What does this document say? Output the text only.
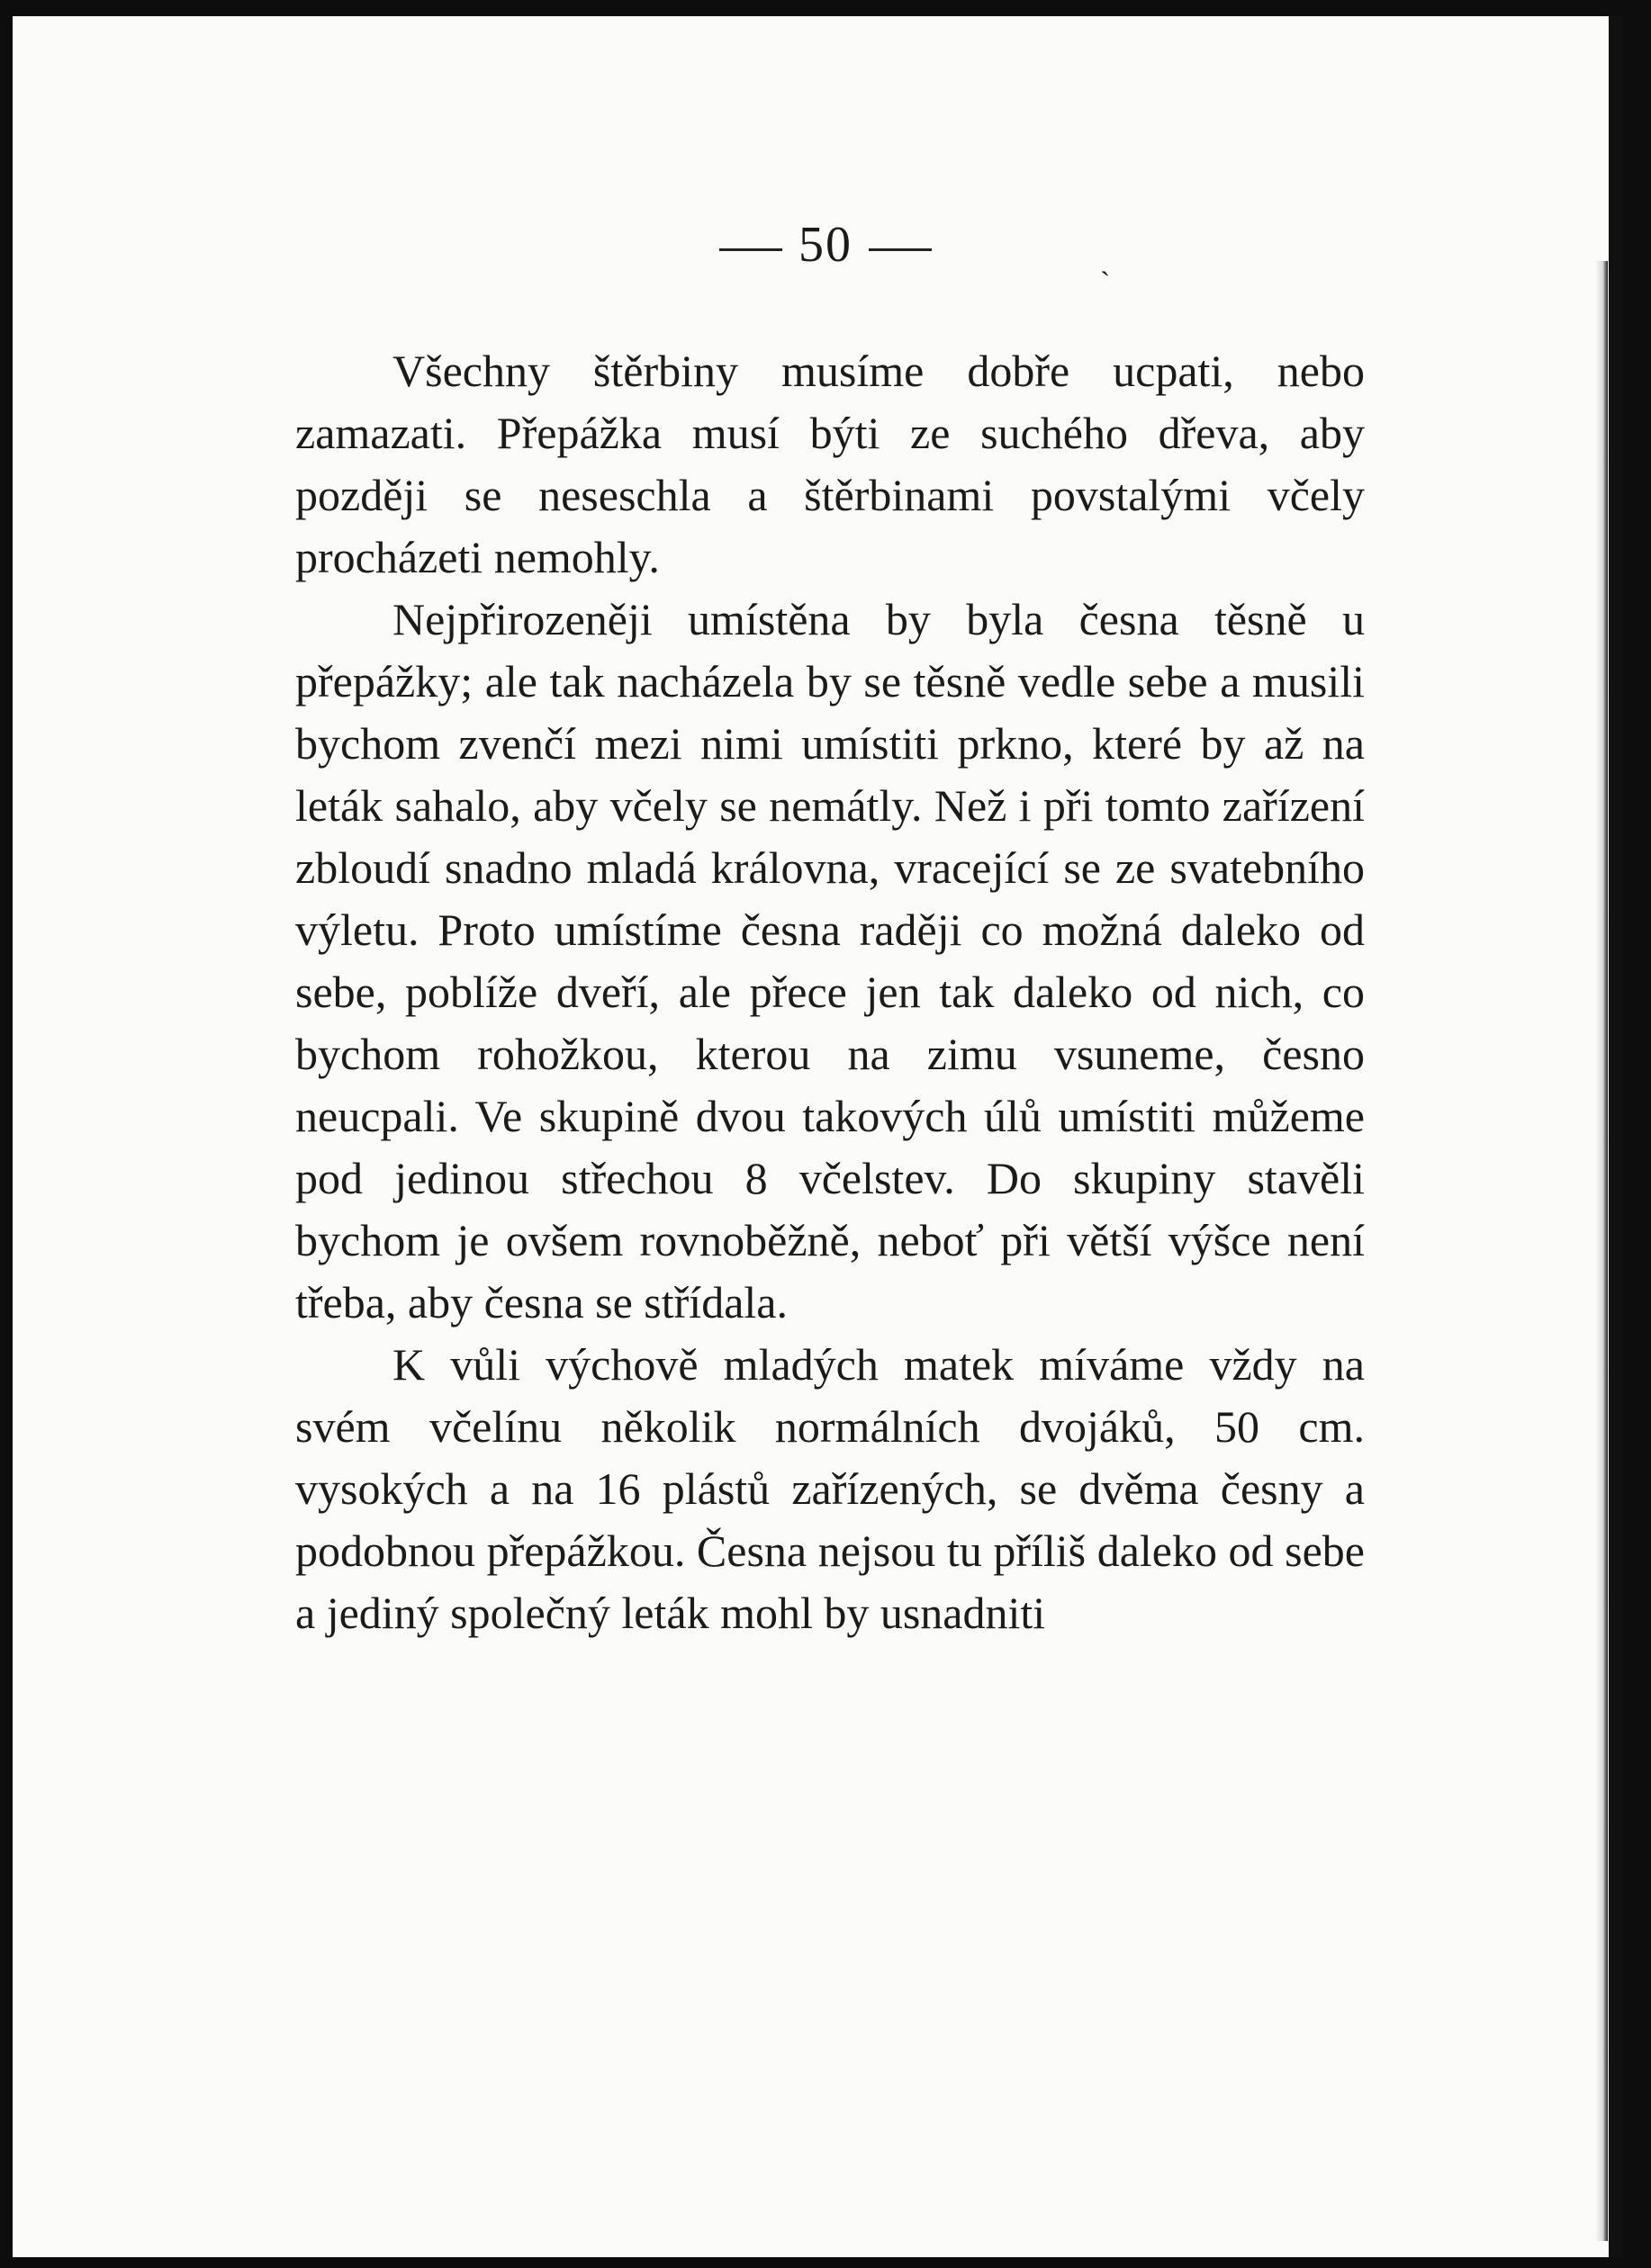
50	ˏ

Všechny štěrbiny musíme dobře ucpati, nebo zamazati. Přepážka musí býti ze suchého dřeva, aby později se neseschla a štěrbinami povstalými včely procházeti nemohly.

Nejpřirozeněji umístěna by byla česna těsně u přepážky; ale tak nacházela by se těsně vedle sebe a musili bychom zvenčí mezi nimi umístiti prkno, které by až na leták sahalo, aby včely se nemátly. Než i při tomto zařízení zbloudí snadno mladá královna, vracející se ze svatebního výletu. Proto umístíme česna raději co možná daleko od sebe, poblíže dveří, ale přece jen tak daleko od nich, co bychom rohožkou, kterou na zimu vsuneme, česno neucpali. Ve skupině dvou takových úlů umístiti můžeme pod jedinou střechou 8 včelstev. Do skupiny stavěli bychom je ovšem rovnoběžně, neboť při větší výšce není třeba, aby česna se střídala.

K vůli výchově mladých matek míváme vždy na svém včelínu několik normálních dvojáků, 50 cm. vysokých a na 16 plástů zařízených, se dvěma česny a podobnou přepážkou. Česna nejsou tu příliš daleko od sebe a jediný společný leták mohl by usnadniti
